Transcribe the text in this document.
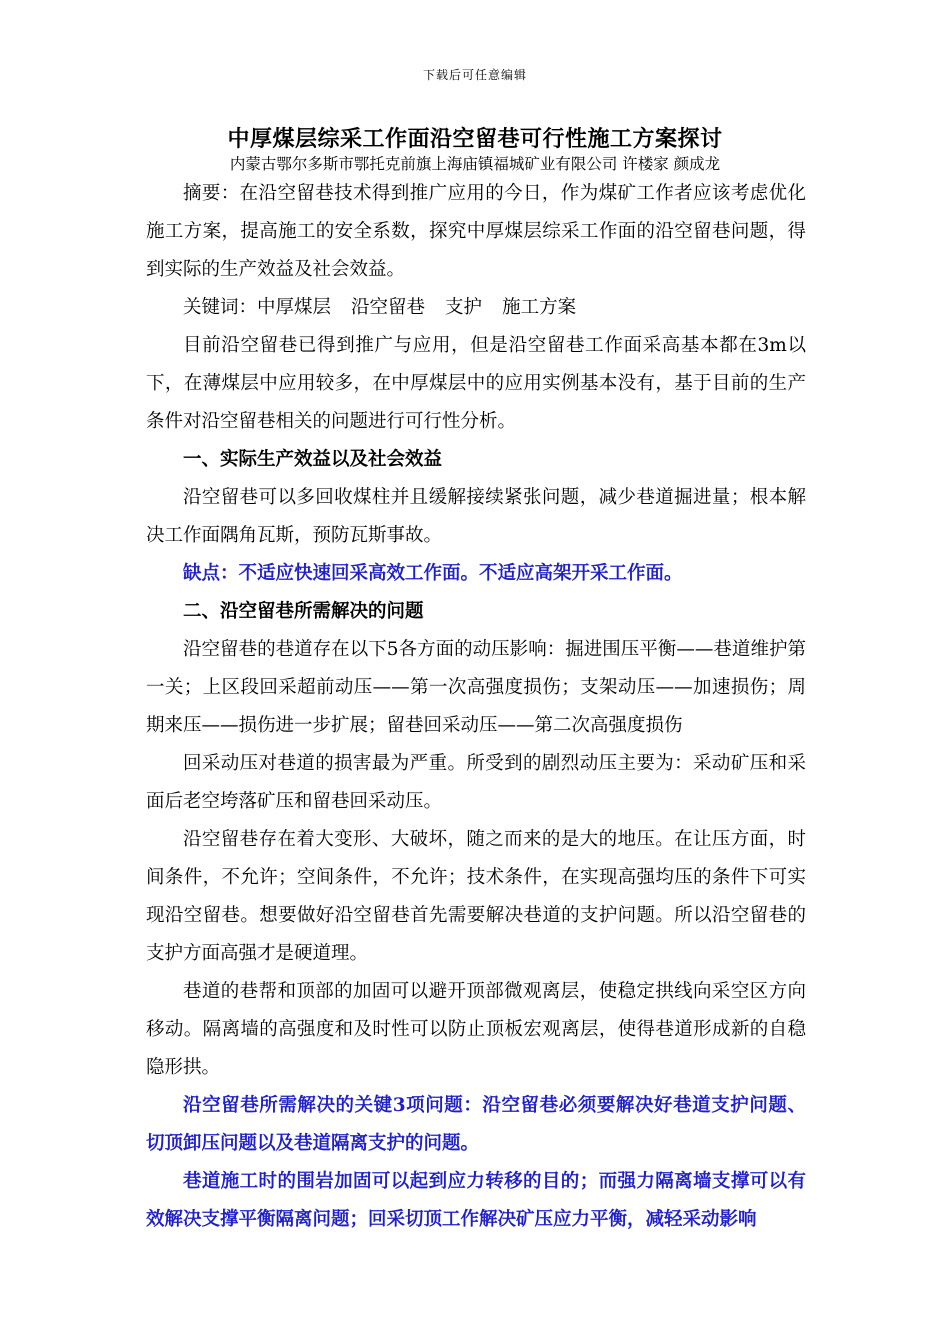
下载后可任意编辑
中厚煤层综采工作面沿空留巷可行性施工方案探讨
内蒙古鄂尔多斯市鄂托克前旗上海庙镇福城矿业有限公司 许楼家 颜成龙

摘要：在沿空留巷技术得到推广应用的今日，作为煤矿工作者应该考虑优化施工方案，提高施工的安全系数，探究中厚煤层综采工作面的沿空留巷问题，得到实际的生产效益及社会效益。

关键词：中厚煤层 沿空留巷 支护 施工方案

目前沿空留巷已得到推广与应用，但是沿空留巷工作面采高基本都在3m以下，在薄煤层中应用较多，在中厚煤层中的应用实例基本没有，基于目前的生产条件对沿空留巷相关的问题进行可行性分析。

一、实际生产效益以及社会效益

沿空留巷可以多回收煤柱并且缓解接续紧张问题，减少巷道掘进量；根本解决工作面隅角瓦斯，预防瓦斯事故。

缺点：不适应快速回采高效工作面。不适应高架开采工作面。

二、沿空留巷所需解决的问题

沿空留巷的巷道存在以下5各方面的动压影响：掘进围压平衡——巷道维护第一关；上区段回采超前动压——第一次高强度损伤；支架动压——加速损伤；周期来压——损伤进一步扩展；留巷回采动压——第二次高强度损伤

回采动压对巷道的损害最为严重。所受到的剧烈动压主要为：采动矿压和采面后老空垮落矿压和留巷回采动压。

沿空留巷存在着大变形、大破坏，随之而来的是大的地压。在让压方面，时间条件，不允许；空间条件，不允许；技术条件，在实现高强均压的条件下可实现沿空留巷。想要做好沿空留巷首先需要解决巷道的支护问题。所以沿空留巷的支护方面高强才是硬道理。

巷道的巷帮和顶部的加固可以避开顶部微观离层，使稳定拱线向采空区方向移动。隔离墙的高强度和及时性可以防止顶板宏观离层，使得巷道形成新的自稳隐形拱。

沿空留巷所需解决的关键3项问题：沿空留巷必须要解决好巷道支护问题、切顶卸压问题以及巷道隔离支护的问题。

巷道施工时的围岩加固可以起到应力转移的目的；而强力隔离墙支撑可以有效解决支撑平衡隔离问题；回采切顶工作解决矿压应力平衡，减轻采动影响
